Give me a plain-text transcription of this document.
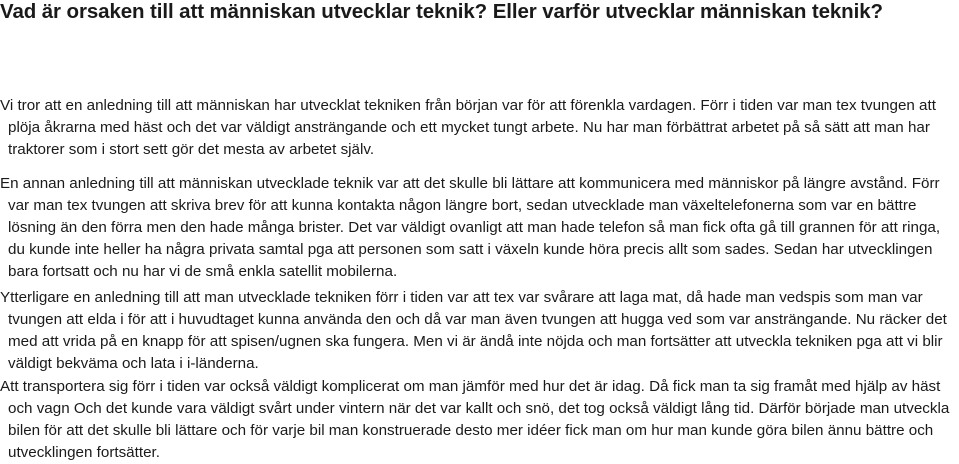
Vad är orsaken till att människan utvecklar teknik? Eller varför utvecklar människan teknik?

Vi tror att en anledning till att människan har utvecklat tekniken från början var för att förenkla vardagen. Förr i tiden var man tex tvungen att plöja åkrarna med häst och det var väldigt ansträngande och ett mycket tungt arbete. Nu har man förbättrat arbetet på så sätt att man har traktorer som i stort sett gör det mesta av arbetet själv.

En annan anledning till att människan utvecklade teknik var att det skulle bli lättare att kommunicera med människor på längre avstånd. Förr var man tex tvungen att skriva brev för att kunna kontakta någon längre bort, sedan utvecklade man växeltelefonerna som var en bättre lösning än den förra men den hade många brister. Det var väldigt ovanligt att man hade telefon så man fick ofta gå till grannen för att ringa, du kunde inte heller ha några privata samtal pga att personen som satt i växeln kunde höra precis allt som sades. Sedan har utvecklingen bara fortsatt och nu har vi de små enkla satellit mobilerna.

Ytterligare en anledning till att man utvecklade tekniken förr i tiden var att tex var svårare att laga mat, då hade man vedspis som man var tvungen att elda i för att i huvudtaget kunna använda den och då var man även tvungen att hugga ved som var ansträngande. Nu räcker det med att vrida på en knapp för att spisen/ugnen ska fungera. Men vi är ändå inte nöjda och man fortsätter att utveckla tekniken pga att vi blir väldigt bekväma och lata i i-länderna.

Att transportera sig förr i tiden var också väldigt komplicerat om man jämför med hur det är idag. Då fick man ta sig framåt med hjälp av häst och vagn Och det kunde vara väldigt svårt under vintern när det var kallt och snö, det tog också väldigt lång tid. Därför började man utveckla bilen för att det skulle bli lättare och för varje bil man konstruerade desto mer idéer fick man om hur man kunde göra bilen ännu bättre och utvecklingen fortsätter.
